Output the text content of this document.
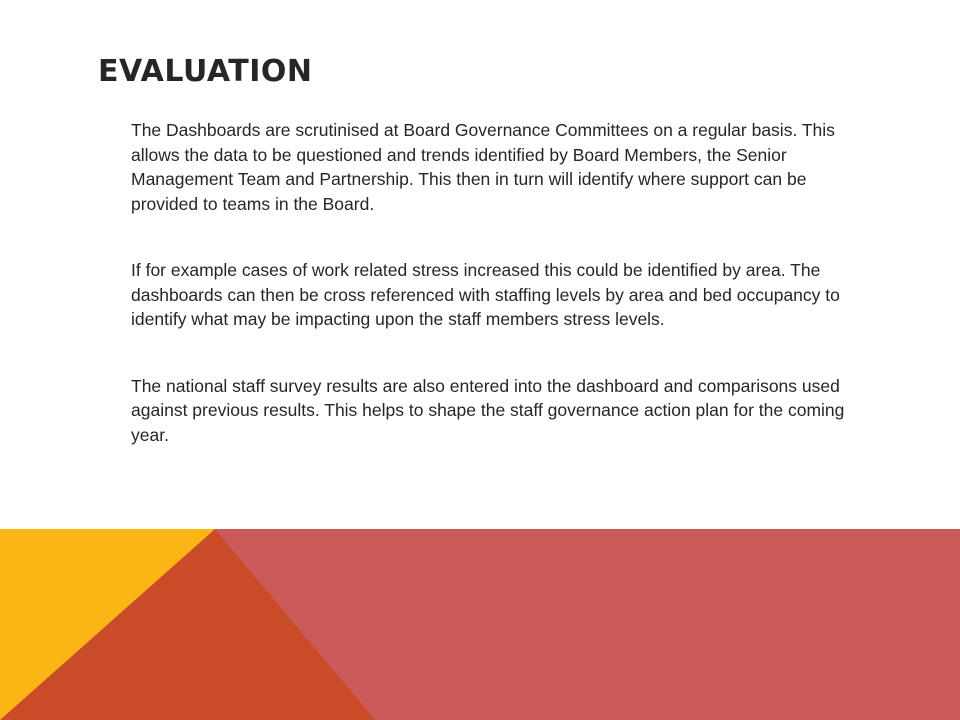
EVALUATION

The Dashboards are scrutinised at Board Governance Committees on a regular basis. This allows the data to be questioned and trends identified by Board Members, the Senior Management Team and Partnership. This then in turn will identify where support can be provided to teams in the Board.

If for example cases of work related stress increased this could be identified by area. The dashboards can then be cross referenced with staffing levels by area and bed occupancy to identify what may be impacting upon the staff members stress levels.

The national staff survey results are also entered into the dashboard and comparisons used against previous results. This helps to shape the staff governance action plan for the coming year.
